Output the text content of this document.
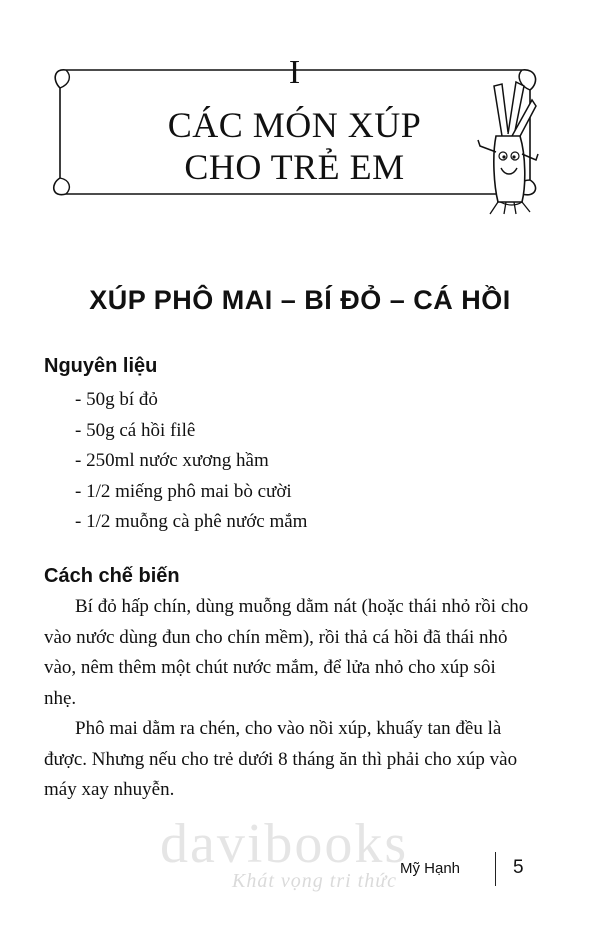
I
CÁC MÓN XÚP
CHO TRẺ EM
XÚP PHÔ MAI – BÍ ĐỎ – CÁ HỒI
Nguyên liệu
- 50g bí đỏ
- 50g cá hồi filê
- 250ml nước xương hầm
- 1/2 miếng phô mai bò cười
- 1/2 muỗng cà phê nước mắm
Cách chế biến

Bí đỏ hấp chín, dùng muỗng dằm nát (hoặc thái nhỏ rồi cho vào nước dùng đun cho chín mềm), rồi thả cá hồi đã thái nhỏ vào, nêm thêm một chút nước mắm, để lửa nhỏ cho xúp sôi nhẹ.

Phô mai dằm ra chén, cho vào nồi xúp, khuấy tan đều là được. Nhưng nếu cho trẻ dưới 8 tháng ăn thì phải cho xúp vào máy xay nhuyễn.

davibooks
Khát vọng tri thức
Mỹ Hạnh	5
